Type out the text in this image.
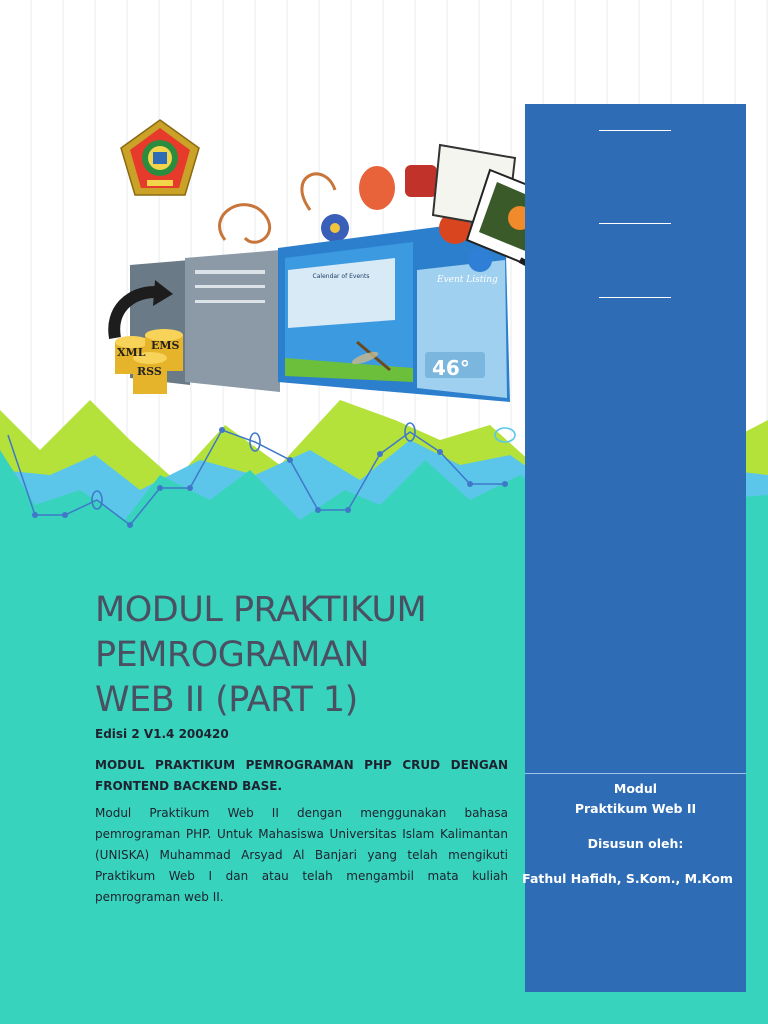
Calendar of Events	Event Listing
46°
XML
EMS
RSS
Modul
Praktikum Web II
Disusun oleh:
Fathul Hafidh, S.Kom., M.Kom
MODUL PRAKTIKUM
PEMROGRAMAN
WEB II (PART 1)
Edisi 2 V1.4 200420
MODUL PRAKTIKUM PEMROGRAMAN PHP CRUD DENGAN FRONTEND BACKEND BASE.
Modul Praktikum Web II dengan menggunakan bahasa pemrograman PHP. Untuk Mahasiswa Universitas Islam Kalimantan (UNISKA) Muhammad Arsyad Al Banjari yang telah mengikuti Praktikum Web I dan atau telah mengambil mata kuliah pemrograman web II.
